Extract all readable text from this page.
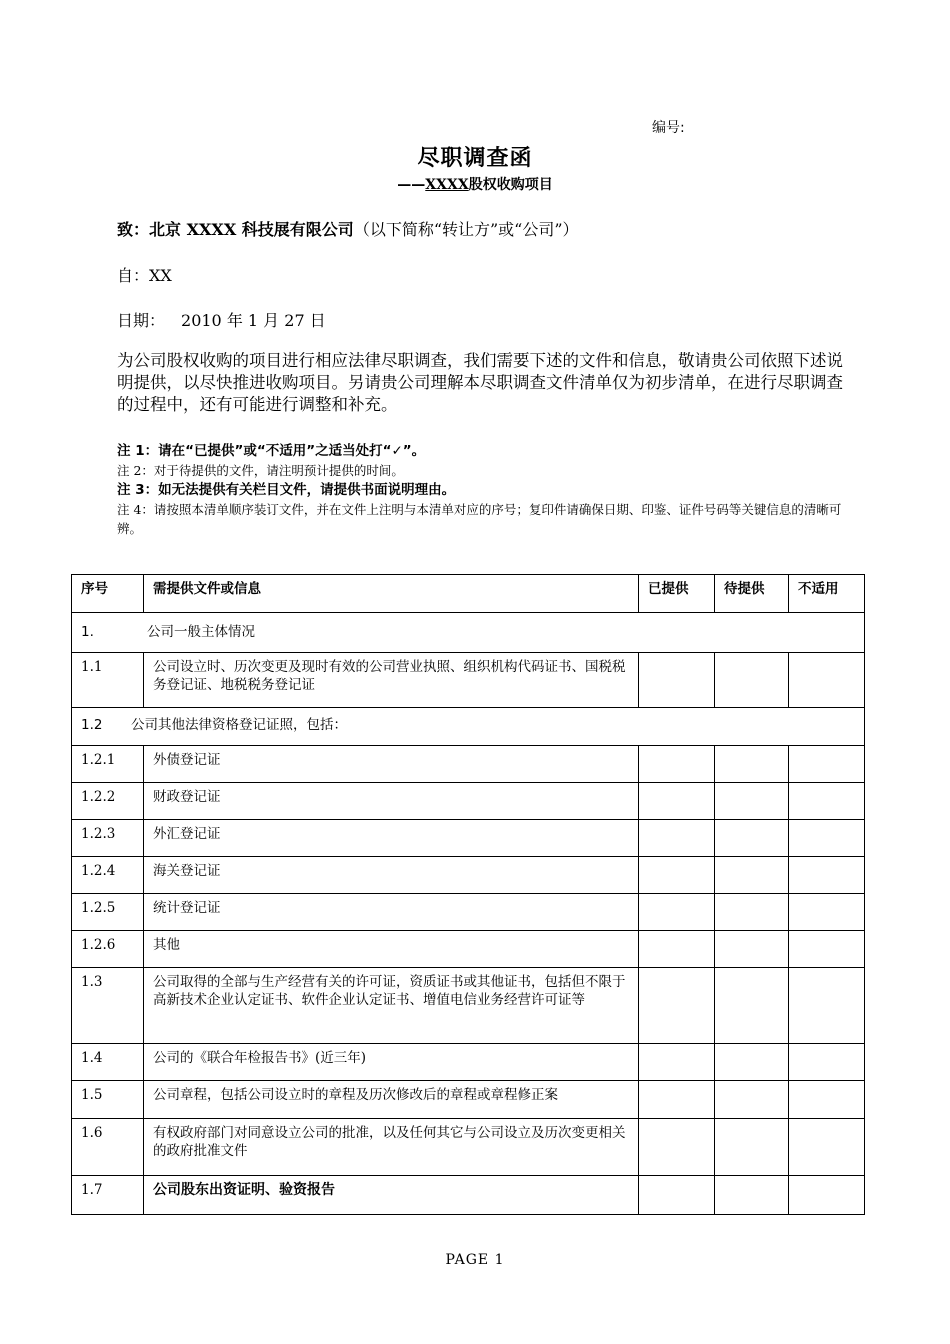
编号:
尽职调查函
——XXXX股权收购项目
致：北京 XXXX 科技展有限公司（以下简称“转让方”或“公司”）
自：XX
日期： 2010 年 1 月 27 日
为公司股权收购的项目进行相应法律尽职调查，我们需要下述的文件和信息，敬请贵公司依照下述说明提供，以尽快推进收购项目。另请贵公司理解本尽职调查文件清单仅为初步清单，在进行尽职调查的过程中，还有可能进行调整和补充。
注 1：请在“已提供”或“不适用”之适当处打“✓”。
注 2：对于待提供的文件，请注明预计提供的时间。
注 3：如无法提供有关栏目文件，请提供书面说明理由。
注 4：请按照本清单顺序装订文件，并在文件上注明与本清单对应的序号；复印件请确保日期、印鉴、证件号码等关键信息的清晰可辨。
序号	需提供文件或信息	已提供	待提供	不适用
1. 公司一般主体情况				
1.1	公司设立时、历次变更及现时有效的公司营业执照、组织机构代码证书、国税税务登记证、地税税务登记证			
1.2 公司其他法律资格登记证照，包括：				
1.2.1	外债登记证			
1.2.2	财政登记证			
1.2.3	外汇登记证			
1.2.4	海关登记证			
1.2.5	统计登记证			
1.2.6	其他			
1.3	公司取得的全部与生产经营有关的许可证，资质证书或其他证书，包括但不限于高新技术企业认定证书、软件企业认定证书、增值电信业务经营许可证等			
1.4	公司的《联合年检报告书》(近三年)			
1.5	公司章程，包括公司设立时的章程及历次修改后的章程或章程修正案			
1.6	有权政府部门对同意设立公司的批准，以及任何其它与公司设立及历次变更相关的政府批准文件			
1.7	公司股东出资证明、验资报告			
PAGE 1
